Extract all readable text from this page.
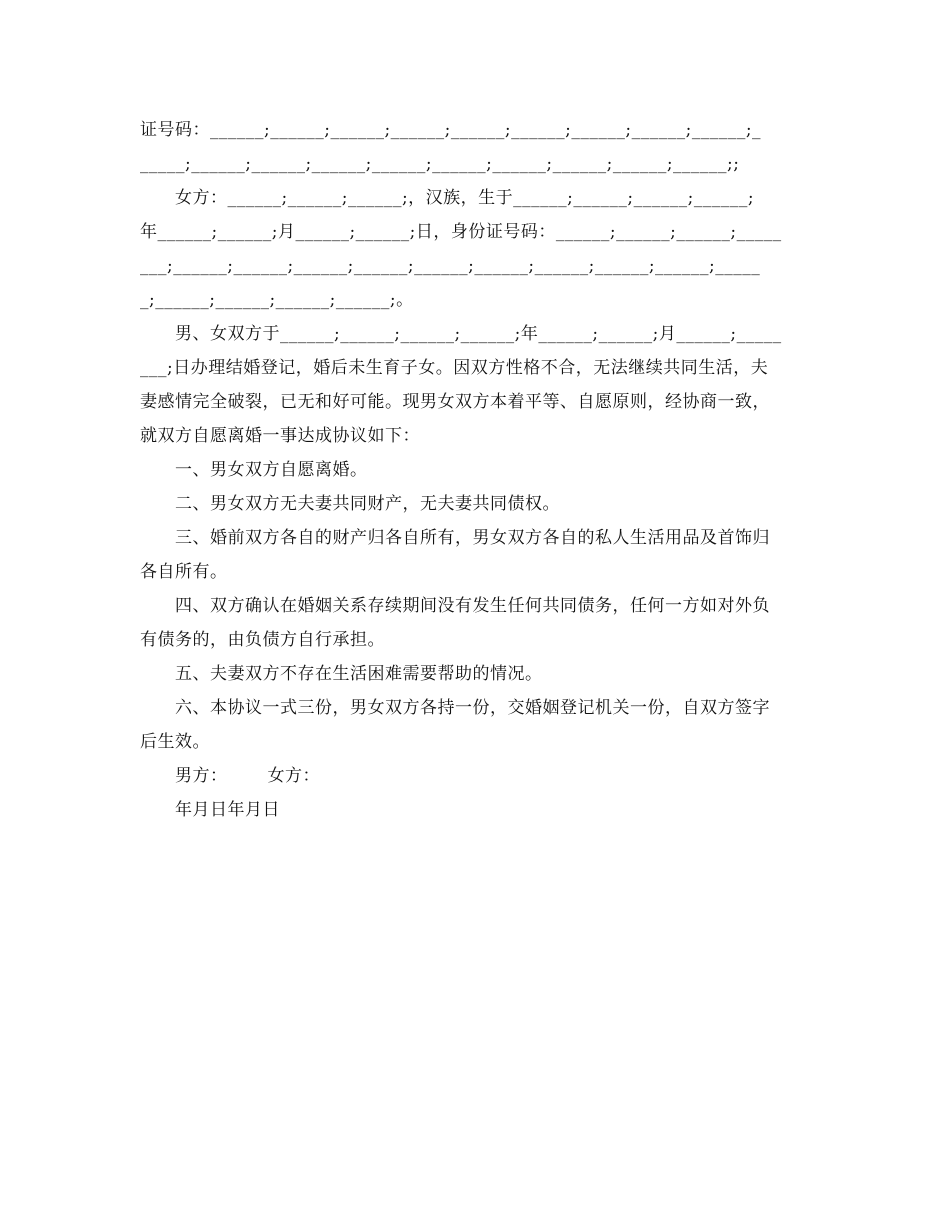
证号码：______;______;______;______;______;______;______;______;______;_
_____;______;______;______;______;______;______;______;______;______;;
女方：______;______;______;，汉族，生于______;______;______;______;
年______;______;月______;______;日，身份证号码：______;______;______;_____
___;______;______;______;______;______;______;______;______;______;_____
_;______;______;______;______;。
男、女双方于______;______;______;______;年______;______;月______;_____
___;日办理结婚登记，婚后未生育子女。因双方性格不合，无法继续共同生活，夫
妻感情完全破裂，已无和好可能。现男女双方本着平等、自愿原则，经协商一致，
就双方自愿离婚一事达成协议如下：
一、男女双方自愿离婚。
二、男女双方无夫妻共同财产，无夫妻共同债权。
三、婚前双方各自的财产归各自所有，男女双方各自的私人生活用品及首饰归
各自所有。
四、双方确认在婚姻关系存续期间没有发生任何共同债务，任何一方如对外负
有债务的，由负债方自行承担。
五、夫妻双方不存在生活困难需要帮助的情况。
六、本协议一式三份，男女双方各持一份，交婚姻登记机关一份，自双方签字
后生效。
男方： 女方：
年月日年月日
